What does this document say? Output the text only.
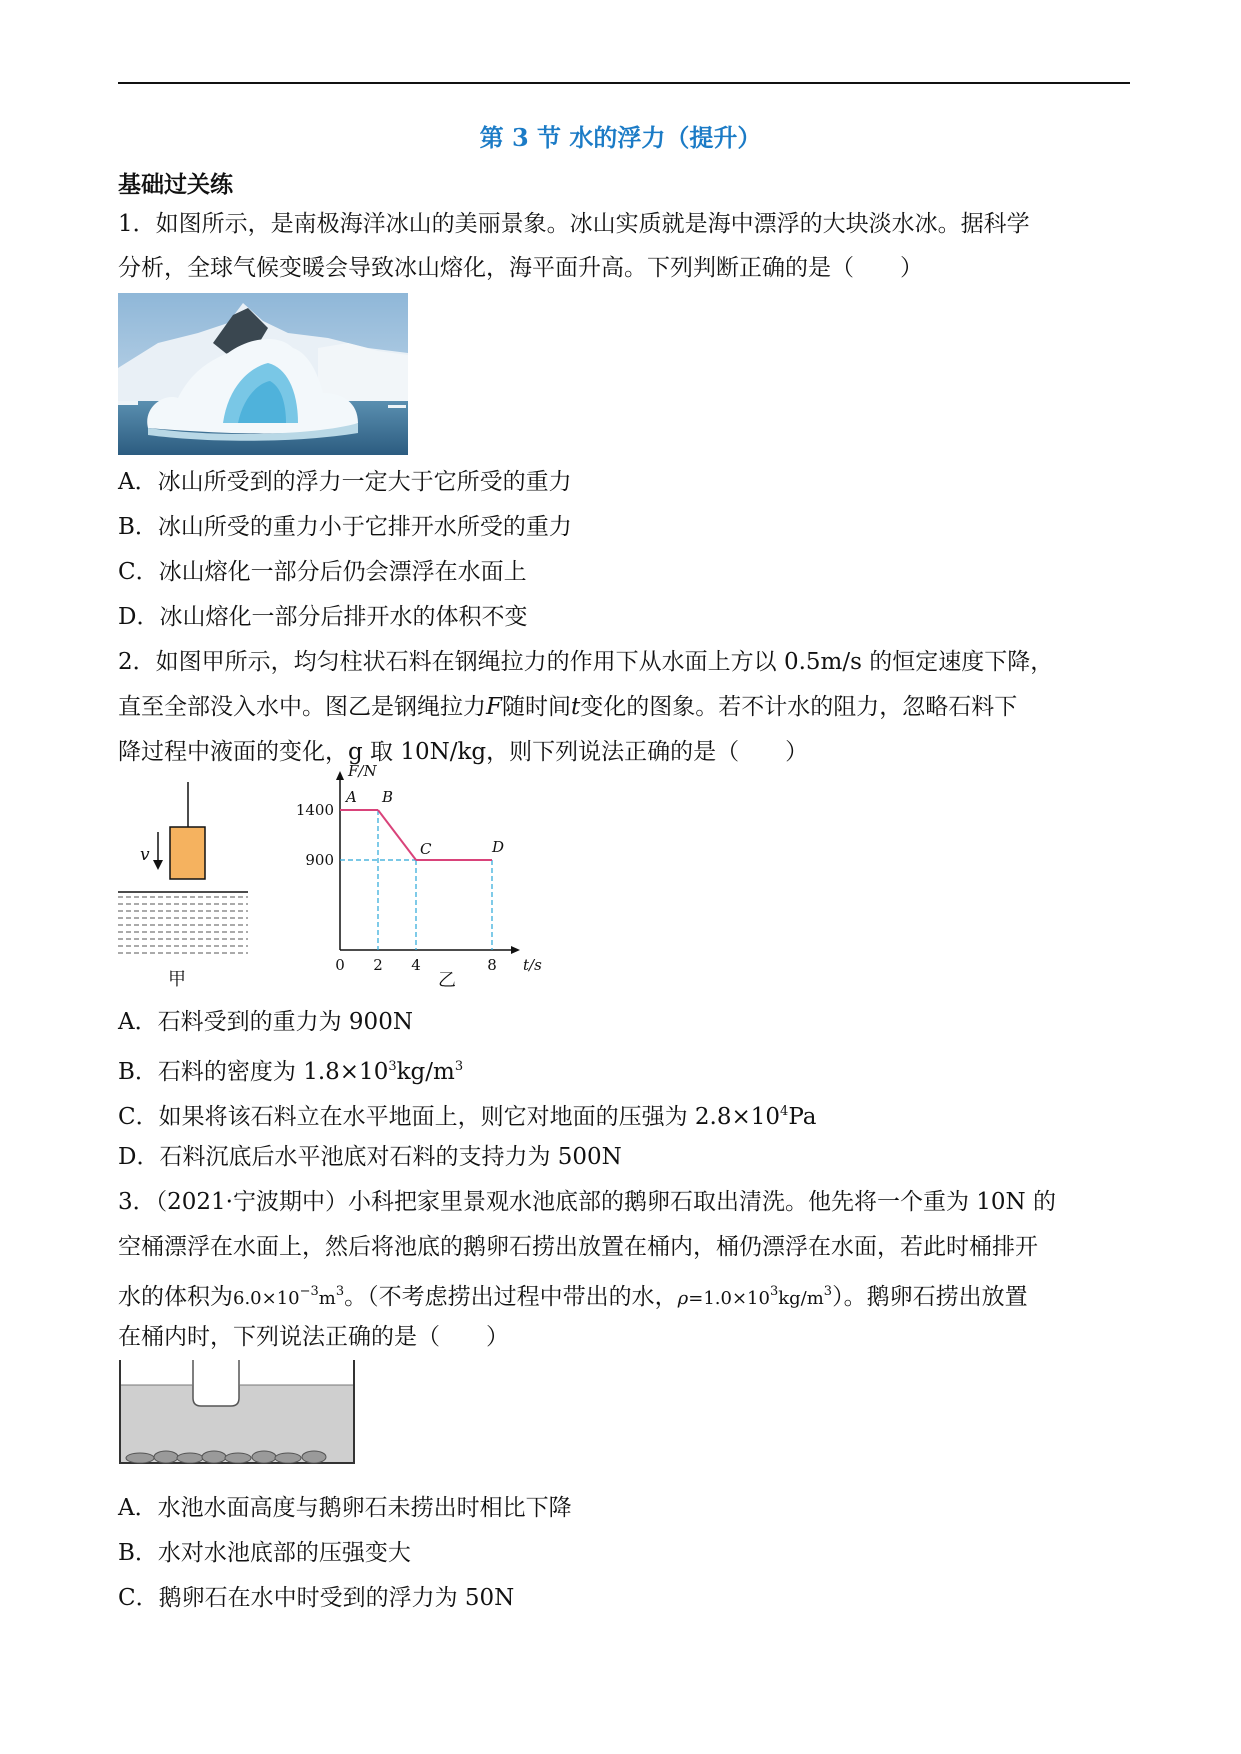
第 3 节 水的浮力（提升）
基础过关练
1．如图所示，是南极海洋冰山的美丽景象。冰山实质就是海中漂浮的大块淡水冰。据科学
分析，全球气候变暖会导致冰山熔化，海平面升高。下列判断正确的是（　　）
A．冰山所受到的浮力一定大于它所受的重力
B．冰山所受的重力小于它排开水所受的重力
C．冰山熔化一部分后仍会漂浮在水面上
D．冰山熔化一部分后排开水的体积不变
2．如图甲所示，均匀柱状石料在钢绳拉力的作用下从水面上方以 0.5m/s 的恒定速度下降，
直至全部没入水中。图乙是钢绳拉力F随时间t变化的图象。若不计水的阻力，忽略石料下
降过程中液面的变化，g 取 10N/kg，则下列说法正确的是（　　）
v
甲
F/N
t/s
0 2 4	8
900
1400
A B
C	D
乙
A．石料受到的重力为 900N
B．石料的密度为 $1.8\times 10^3kg/m^3$
C．如果将该石料立在水平地面上，则它对地面的压强为 $2.8\times 10^4Pa$
D．石料沉底后水平池底对石料的支持力为 500N
3．（2021·宁波期中）小科把家里景观水池底部的鹅卵石取出清洗。他先将一个重为 10N 的
空桶漂浮在水面上，然后将池底的鹅卵石捞出放置在桶内，桶仍漂浮在水面，若此时桶排开
水的体积为$6.0\times 10^{-3}m^3$。（不考虑捞出过程中带出的水，$\rho=1.0\times 10^3kg/m^3$）。鹅卵石捞出放置
在桶内时，下列说法正确的是（　　）
A．水池水面高度与鹅卵石未捞出时相比下降
B．水对水池底部的压强变大
C．鹅卵石在水中时受到的浮力为 50N
